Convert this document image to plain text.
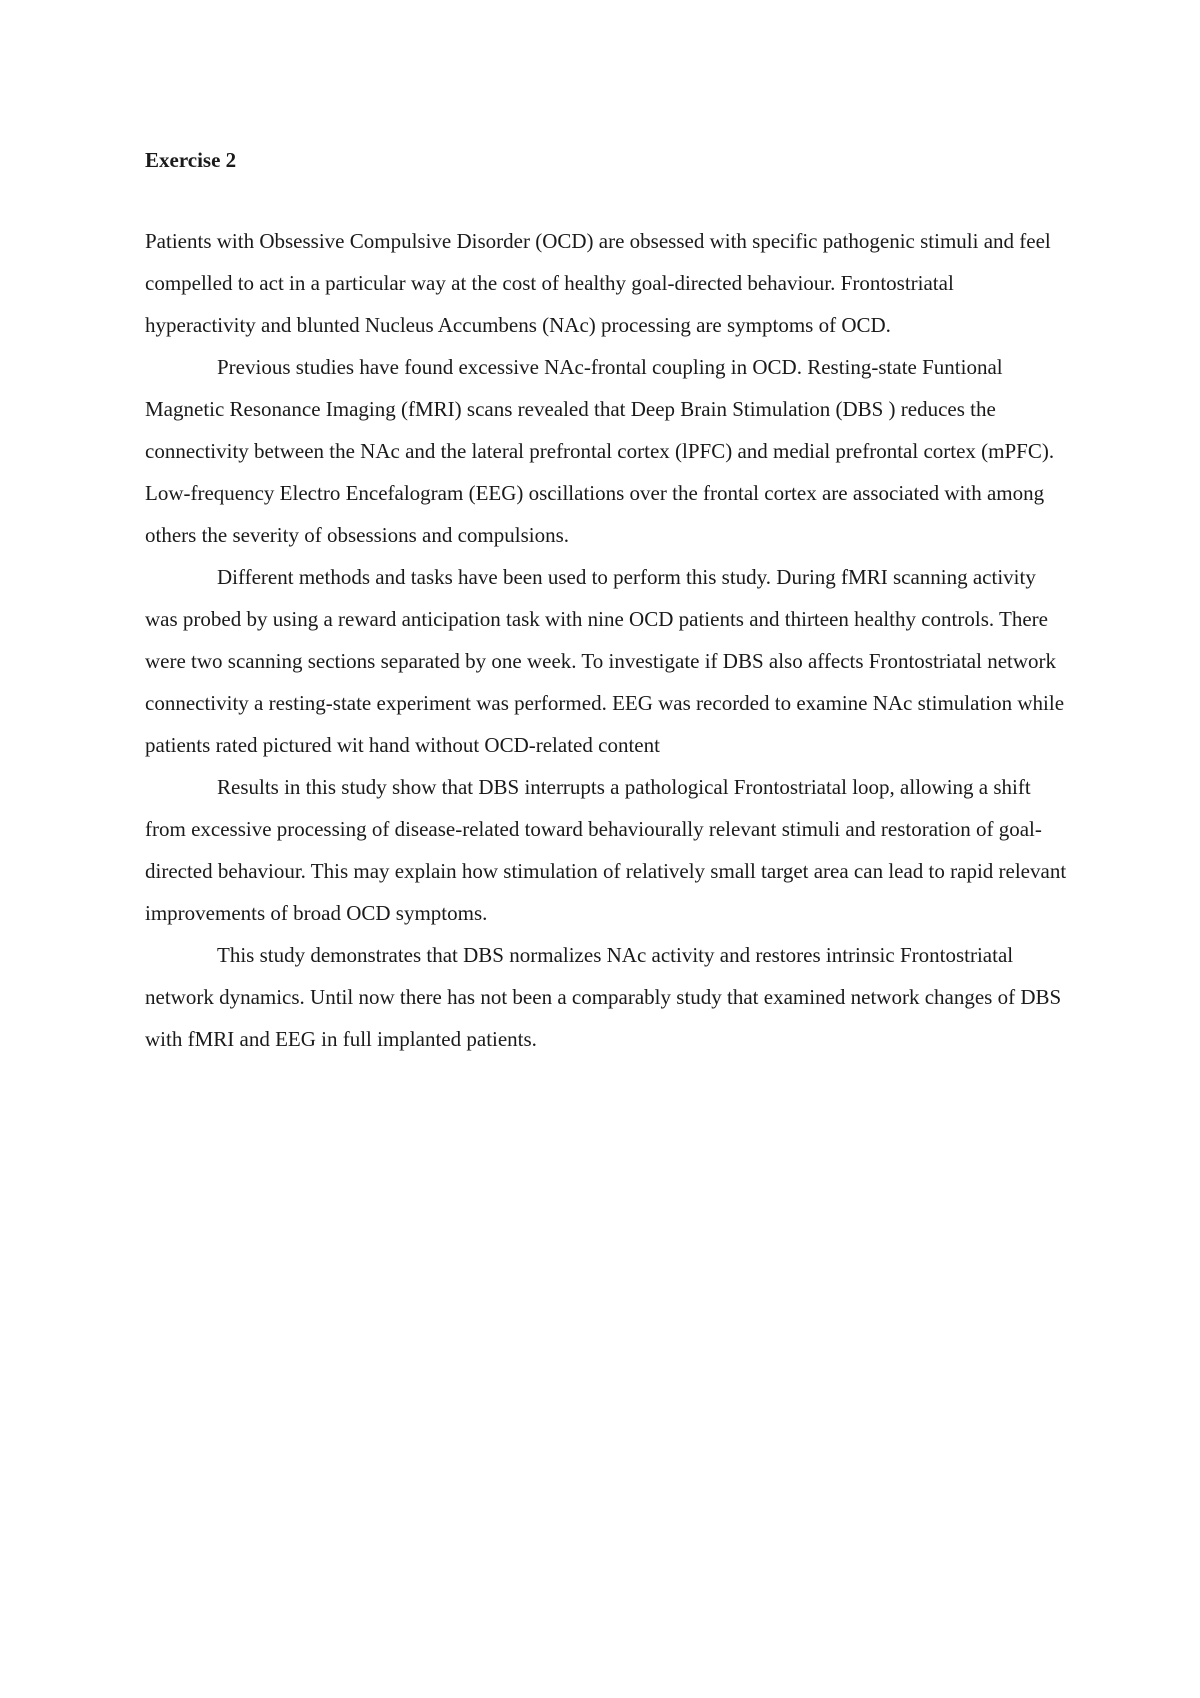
Exercise 2

Patients with Obsessive Compulsive Disorder (OCD) are obsessed with specific pathogenic stimuli and feel compelled to act in a particular way at the cost of healthy goal-directed behaviour. Frontostriatal hyperactivity and blunted Nucleus Accumbens (NAc) processing are symptoms of OCD.

Previous studies have found excessive NAc-frontal coupling in OCD. Resting-state Funtional Magnetic Resonance Imaging (fMRI) scans revealed that Deep Brain Stimulation (DBS ) reduces the connectivity between the NAc and the lateral prefrontal cortex (lPFC) and medial prefrontal cortex (mPFC). Low-frequency Electro Encefalogram (EEG) oscillations over the frontal cortex are associated with among others the severity of obsessions and compulsions.

Different methods and tasks have been used to perform this study. During fMRI scanning activity was probed by using a reward anticipation task with nine OCD patients and thirteen healthy controls. There were two scanning sections separated by one week. To investigate if DBS also affects Frontostriatal network connectivity a resting-state experiment was performed. EEG was recorded to examine NAc stimulation while patients rated pictured wit hand without OCD-related content

Results in this study show that DBS interrupts a pathological Frontostriatal loop, allowing a shift from excessive processing of disease-related toward behaviourally relevant stimuli and restoration of goal-directed behaviour. This may explain how stimulation of relatively small target area can lead to rapid relevant improvements of broad OCD symptoms.

This study demonstrates that DBS normalizes NAc activity and restores intrinsic Frontostriatal network dynamics. Until now there has not been a comparably study that examined network changes of DBS with fMRI and EEG in full implanted patients.
